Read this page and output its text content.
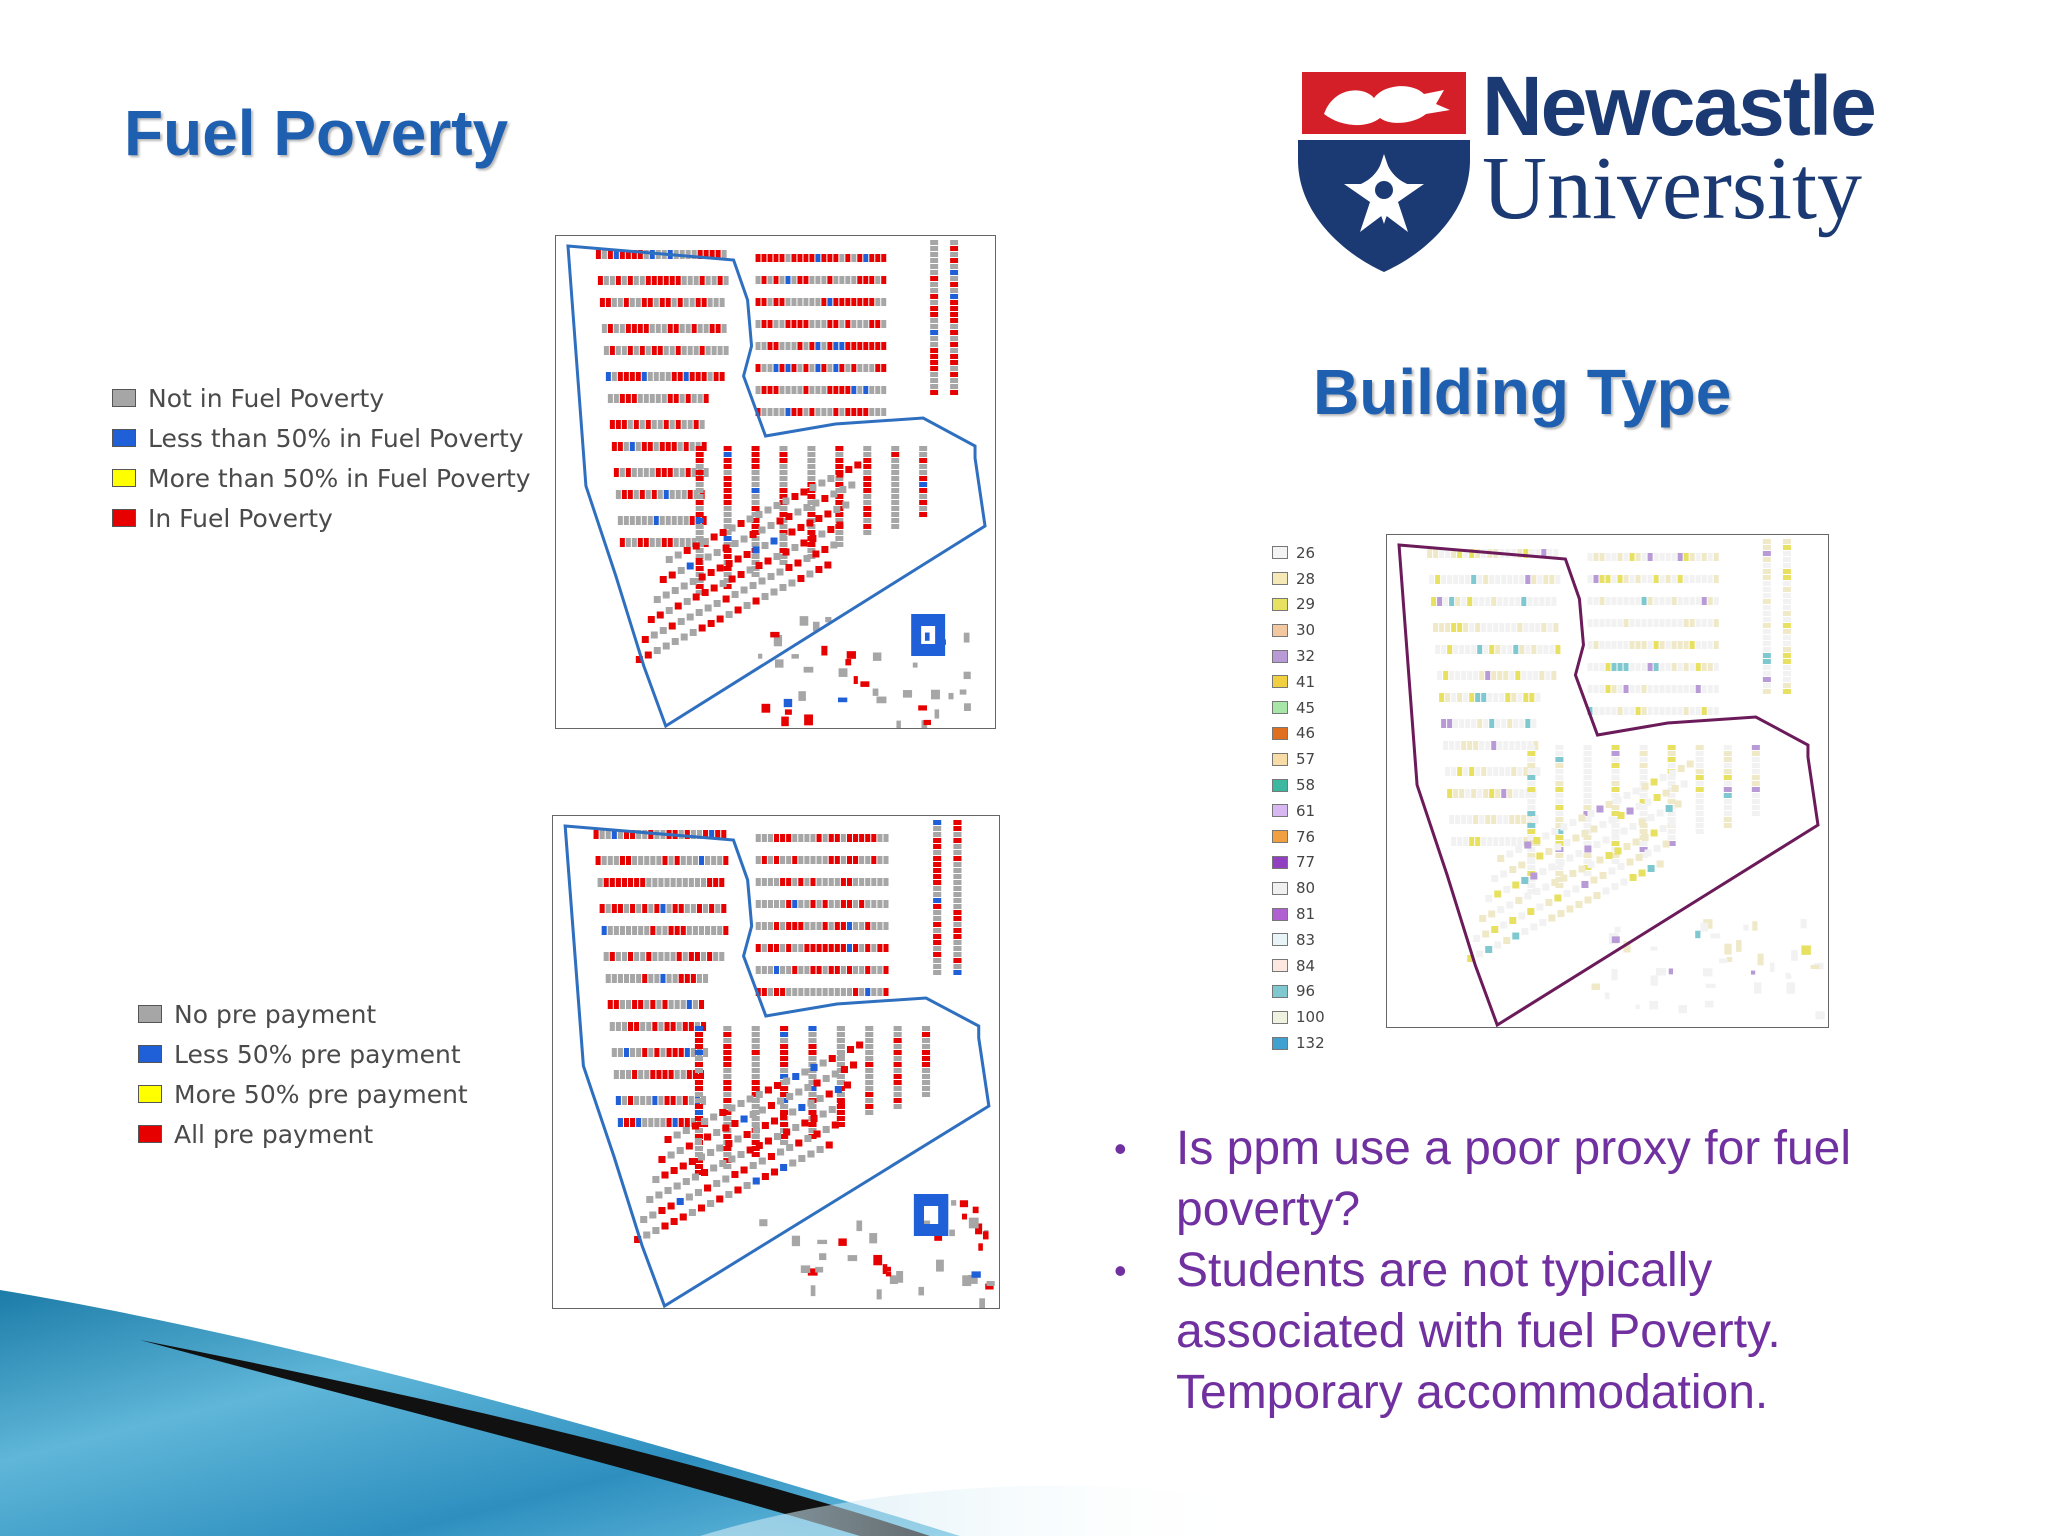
Fuel Poverty
Building Type
Newcastle
University
Not in Fuel Poverty
Less than 50% in Fuel Poverty
More than 50% in Fuel Poverty
In Fuel Poverty
No pre payment
Less 50% pre payment
More 50% pre payment
All pre payment
26
28
29
30
32
41
45
46
57
58
61
76
77
80
81
83
84
96
100
132
• Is ppm use a poor proxy for fuel poverty?
• Students are not typically associated with fuel Poverty. Temporary accommodation.
